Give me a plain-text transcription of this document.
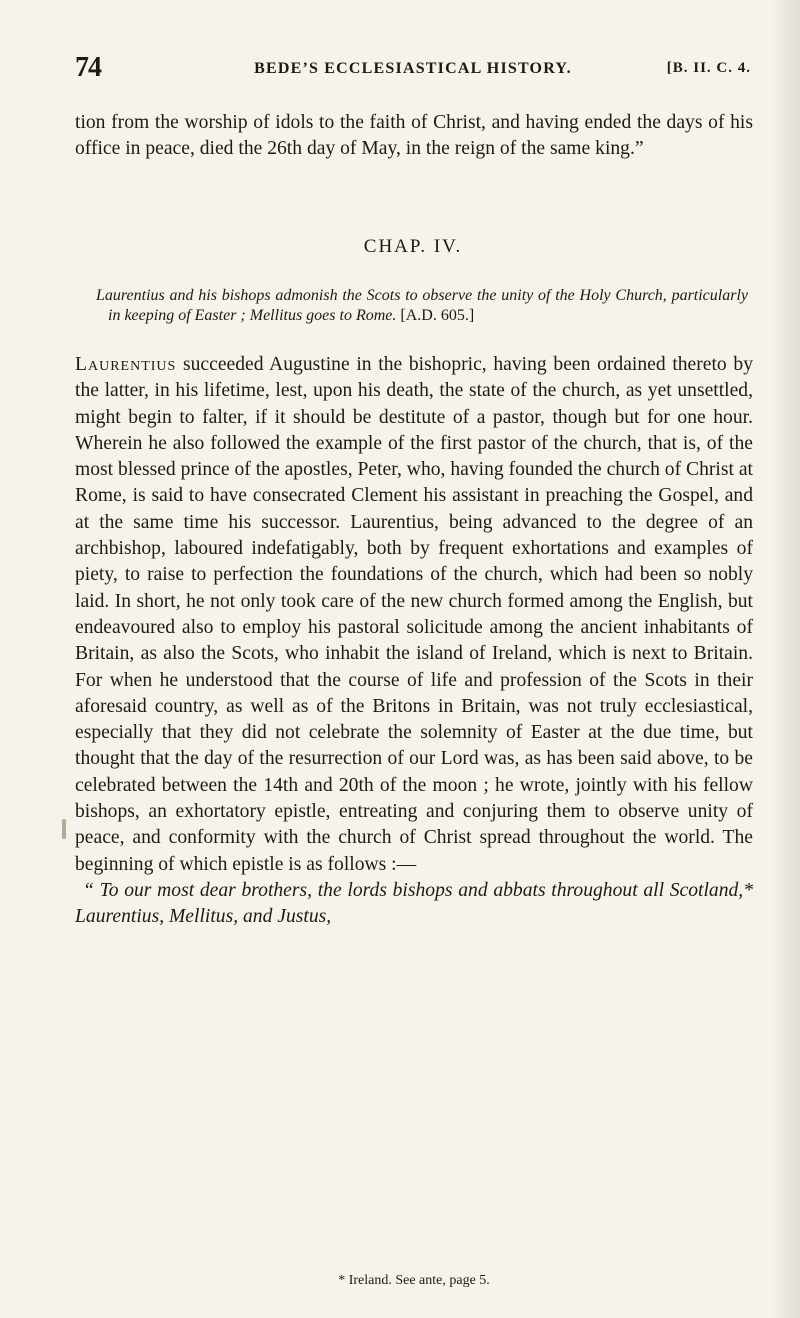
74	BEDE’S ECCLESIASTICAL HISTORY.	[B. II. C. 4.
tion from the worship of idols to the faith of Christ, and having ended the days of his office in peace, died the 26th day of May, in the reign of the same king.”
CHAP. IV.
Laurentius and his bishops admonish the Scots to observe the unity of the Holy Church, particularly in keeping of Easter ; Mellitus goes to Rome. [A.D. 605.]

Laurentius succeeded Augustine in the bishopric, having been ordained thereto by the latter, in his lifetime, lest, upon his death, the state of the church, as yet unsettled, might begin to falter, if it should be destitute of a pastor, though but for one hour. Wherein he also followed the example of the first pastor of the church, that is, of the most blessed prince of the apostles, Peter, who, having founded the church of Christ at Rome, is said to have consecrated Clement his assistant in preaching the Gospel, and at the same time his successor. Laurentius, being advanced to the degree of an archbishop, laboured indefatigably, both by frequent exhortations and examples of piety, to raise to perfection the foundations of the church, which had been so nobly laid. In short, he not only took care of the new church formed among the English, but endeavoured also to employ his pastoral solicitude among the ancient inhabitants of Britain, as also the Scots, who inhabit the island of Ireland, which is next to Britain. For when he understood that the course of life and profession of the Scots in their aforesaid country, as well as of the Britons in Britain, was not truly ecclesiastical, especially that they did not celebrate the solemnity of Easter at the due time, but thought that the day of the resurrection of our Lord was, as has been said above, to be celebrated between the 14th and 20th of the moon ; he wrote, jointly with his fellow bishops, an exhortatory epistle, entreating and conjuring them to observe unity of peace, and conformity with the church of Christ spread throughout the world. The beginning of which epistle is as follows :—

“ To our most dear brothers, the lords bishops and abbats throughout all Scotland,* Laurentius, Mellitus, and Justus,

* Ireland. See ante, page 5.
